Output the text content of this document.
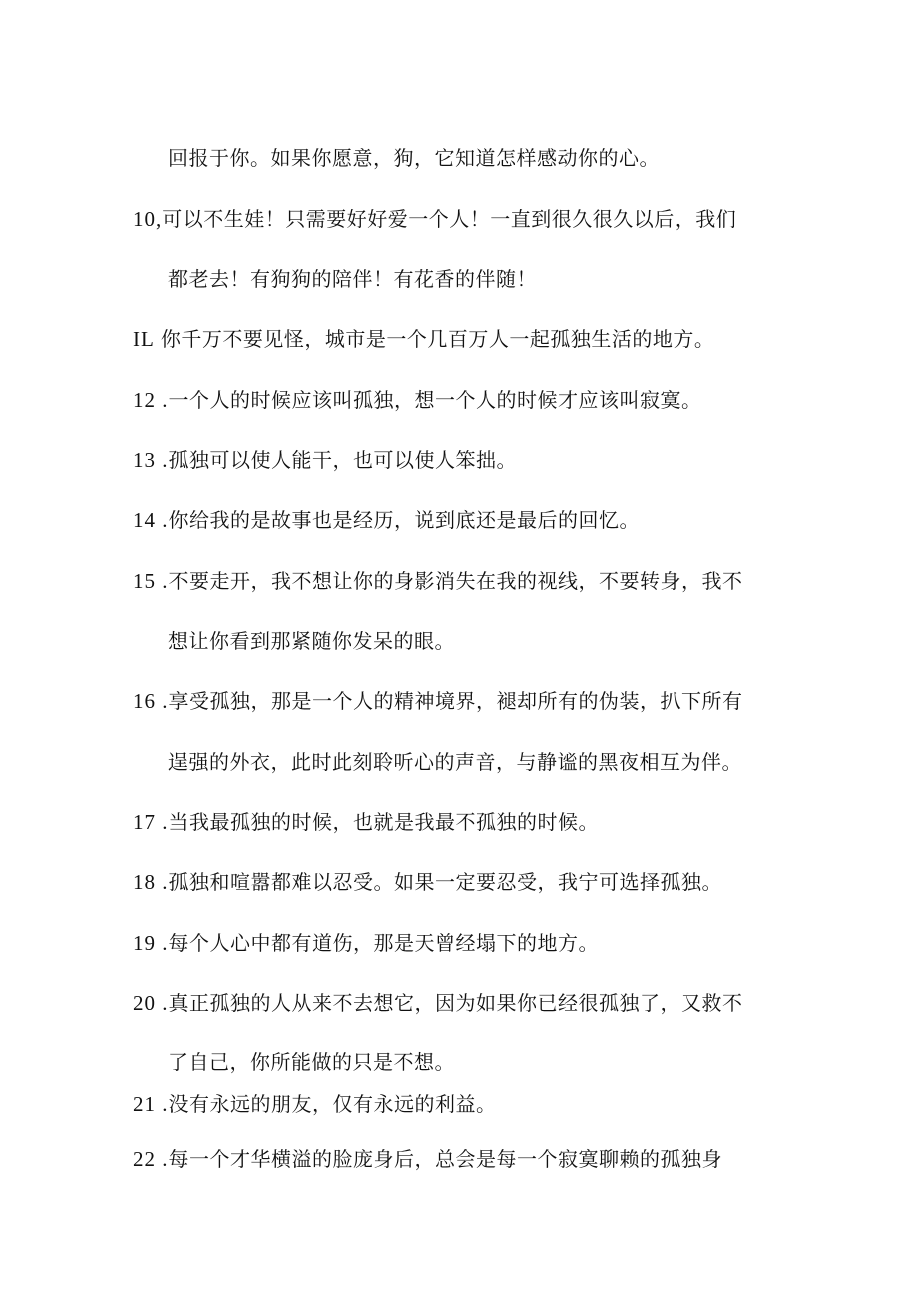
回报于你。如果你愿意，狗，它知道怎样感动你的心。
10,可以不生娃！只需要好好爱一个人！一直到很久很久以后，我们
都老去！有狗狗的陪伴！有花香的伴随！
IL 你千万不要见怪，城市是一个几百万人一起孤独生活的地方。
12 .一个人的时候应该叫孤独，想一个人的时候才应该叫寂寞。
13 .孤独可以使人能干，也可以使人笨拙。
14 .你给我的是故事也是经历，说到底还是最后的回忆。
15 .不要走开，我不想让你的身影消失在我的视线，不要转身，我不
想让你看到那紧随你发呆的眼。
16 .享受孤独，那是一个人的精神境界，褪却所有的伪装，扒下所有
逞强的外衣，此时此刻聆听心的声音，与静谧的黑夜相互为伴。
17 .当我最孤独的时候，也就是我最不孤独的时候。
18 .孤独和喧嚣都难以忍受。如果一定要忍受，我宁可选择孤独。
19 .每个人心中都有道伤，那是天曾经塌下的地方。
20 .真正孤独的人从来不去想它，因为如果你已经很孤独了，又救不
了自己，你所能做的只是不想。
21 .没有永远的朋友，仅有永远的利益。
22 .每一个才华横溢的脸庞身后，总会是每一个寂寞聊赖的孤独身
